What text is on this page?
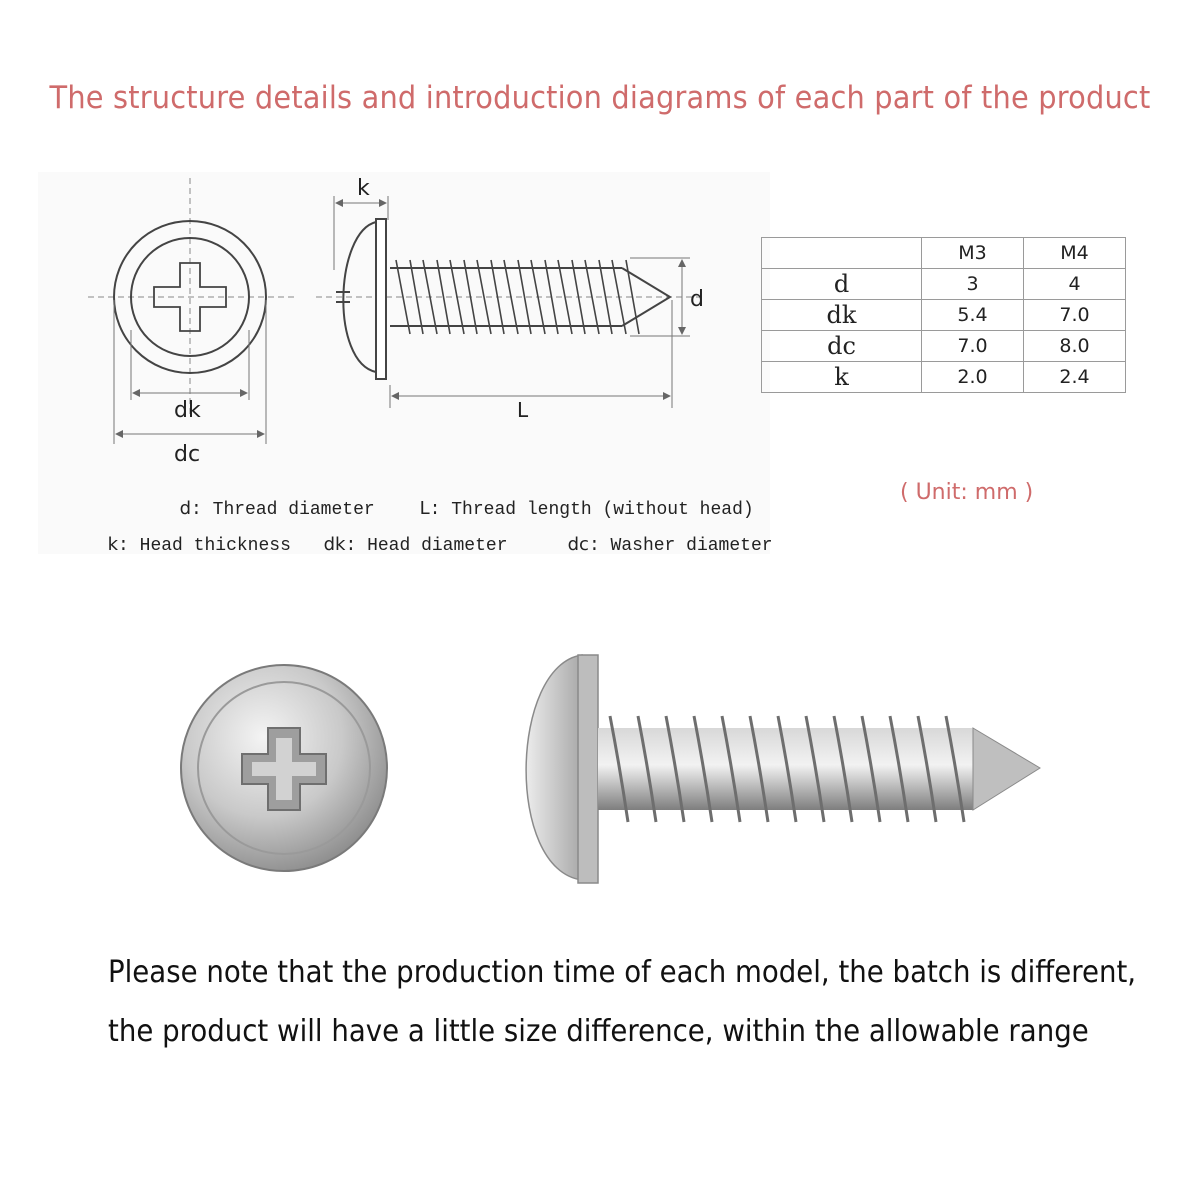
The structure details and introduction diagrams of each part of the product
k
d
dk
dc
L

d: Thread diameter	L: Thread length (without head)

k: Head thickness	dk: Head diameter	dc: Washer diameter

	M3	M4
d	3	4
dk	5.4	7.0
dc	7.0	8.0
k	2.0	2.4
( Unit: mm )
Please note that the production time of each model, the batch is different,
the product will have a little size difference, within the allowable range
